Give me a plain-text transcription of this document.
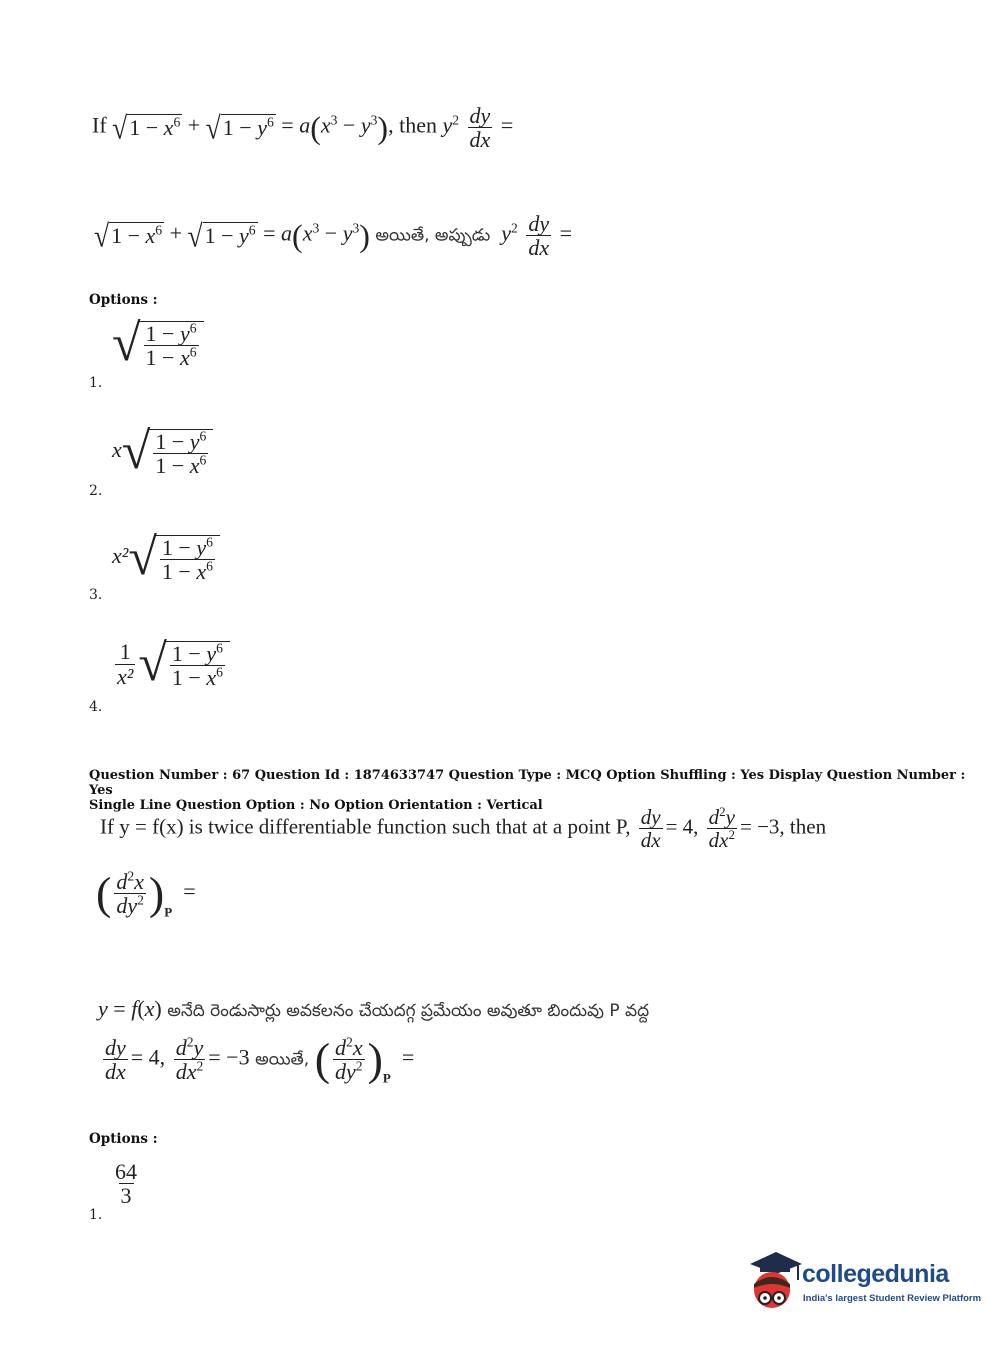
If √ $1 - x^6$ + √ $1 - y^6 = a(x^3 - y^3)$, then $y^2 \frac{dy}{dx}$ =
√ $1 - x^6$ + √ $1 - y^6 = a(x^3 - y^3)$ అయితే, అప్పుడు $y^2 \frac{dy}{dx}$ =
Options :
1.
√ $\frac{1 - y^6}{1 - x^6}$
2.
x √ $\frac{1 - y^6}{1 - x^6}$
3.
x² √ $\frac{1 - y^6}{1 - x^6}$
4.
$\frac{1}{\text{x²}}$ √ $\frac{1 - y^6}{1 - x^6}$
Question Number : 67 Question Id : 1874633747 Question Type : MCQ Option Shuffling : Yes Display Question Number : Yes
Single Line Question Option : No Option Orientation : Vertical
If y = f(x) is twice differentiable function such that at a point P, $\frac{dy}{dx} = 4$, $\frac{d^2y}{dx^2} = -3$, then
( $\frac{d^2x}{dy^2} )_P$  =
y = f(x) అనేది రెండుసార్లు అవకలనం చేయదగ్గ ప్రమేయం అవుతూ బిందువు P వద్ద
$\frac{dy}{dx} = 4$, $\frac{d^2y}{dx^2} = -3$ అయితే, ( $\frac{d^2x}{dy^2} )_P$  =
Options :
1.
$\frac{64}{3}$
collegedunia
India's largest Student Review Platform
